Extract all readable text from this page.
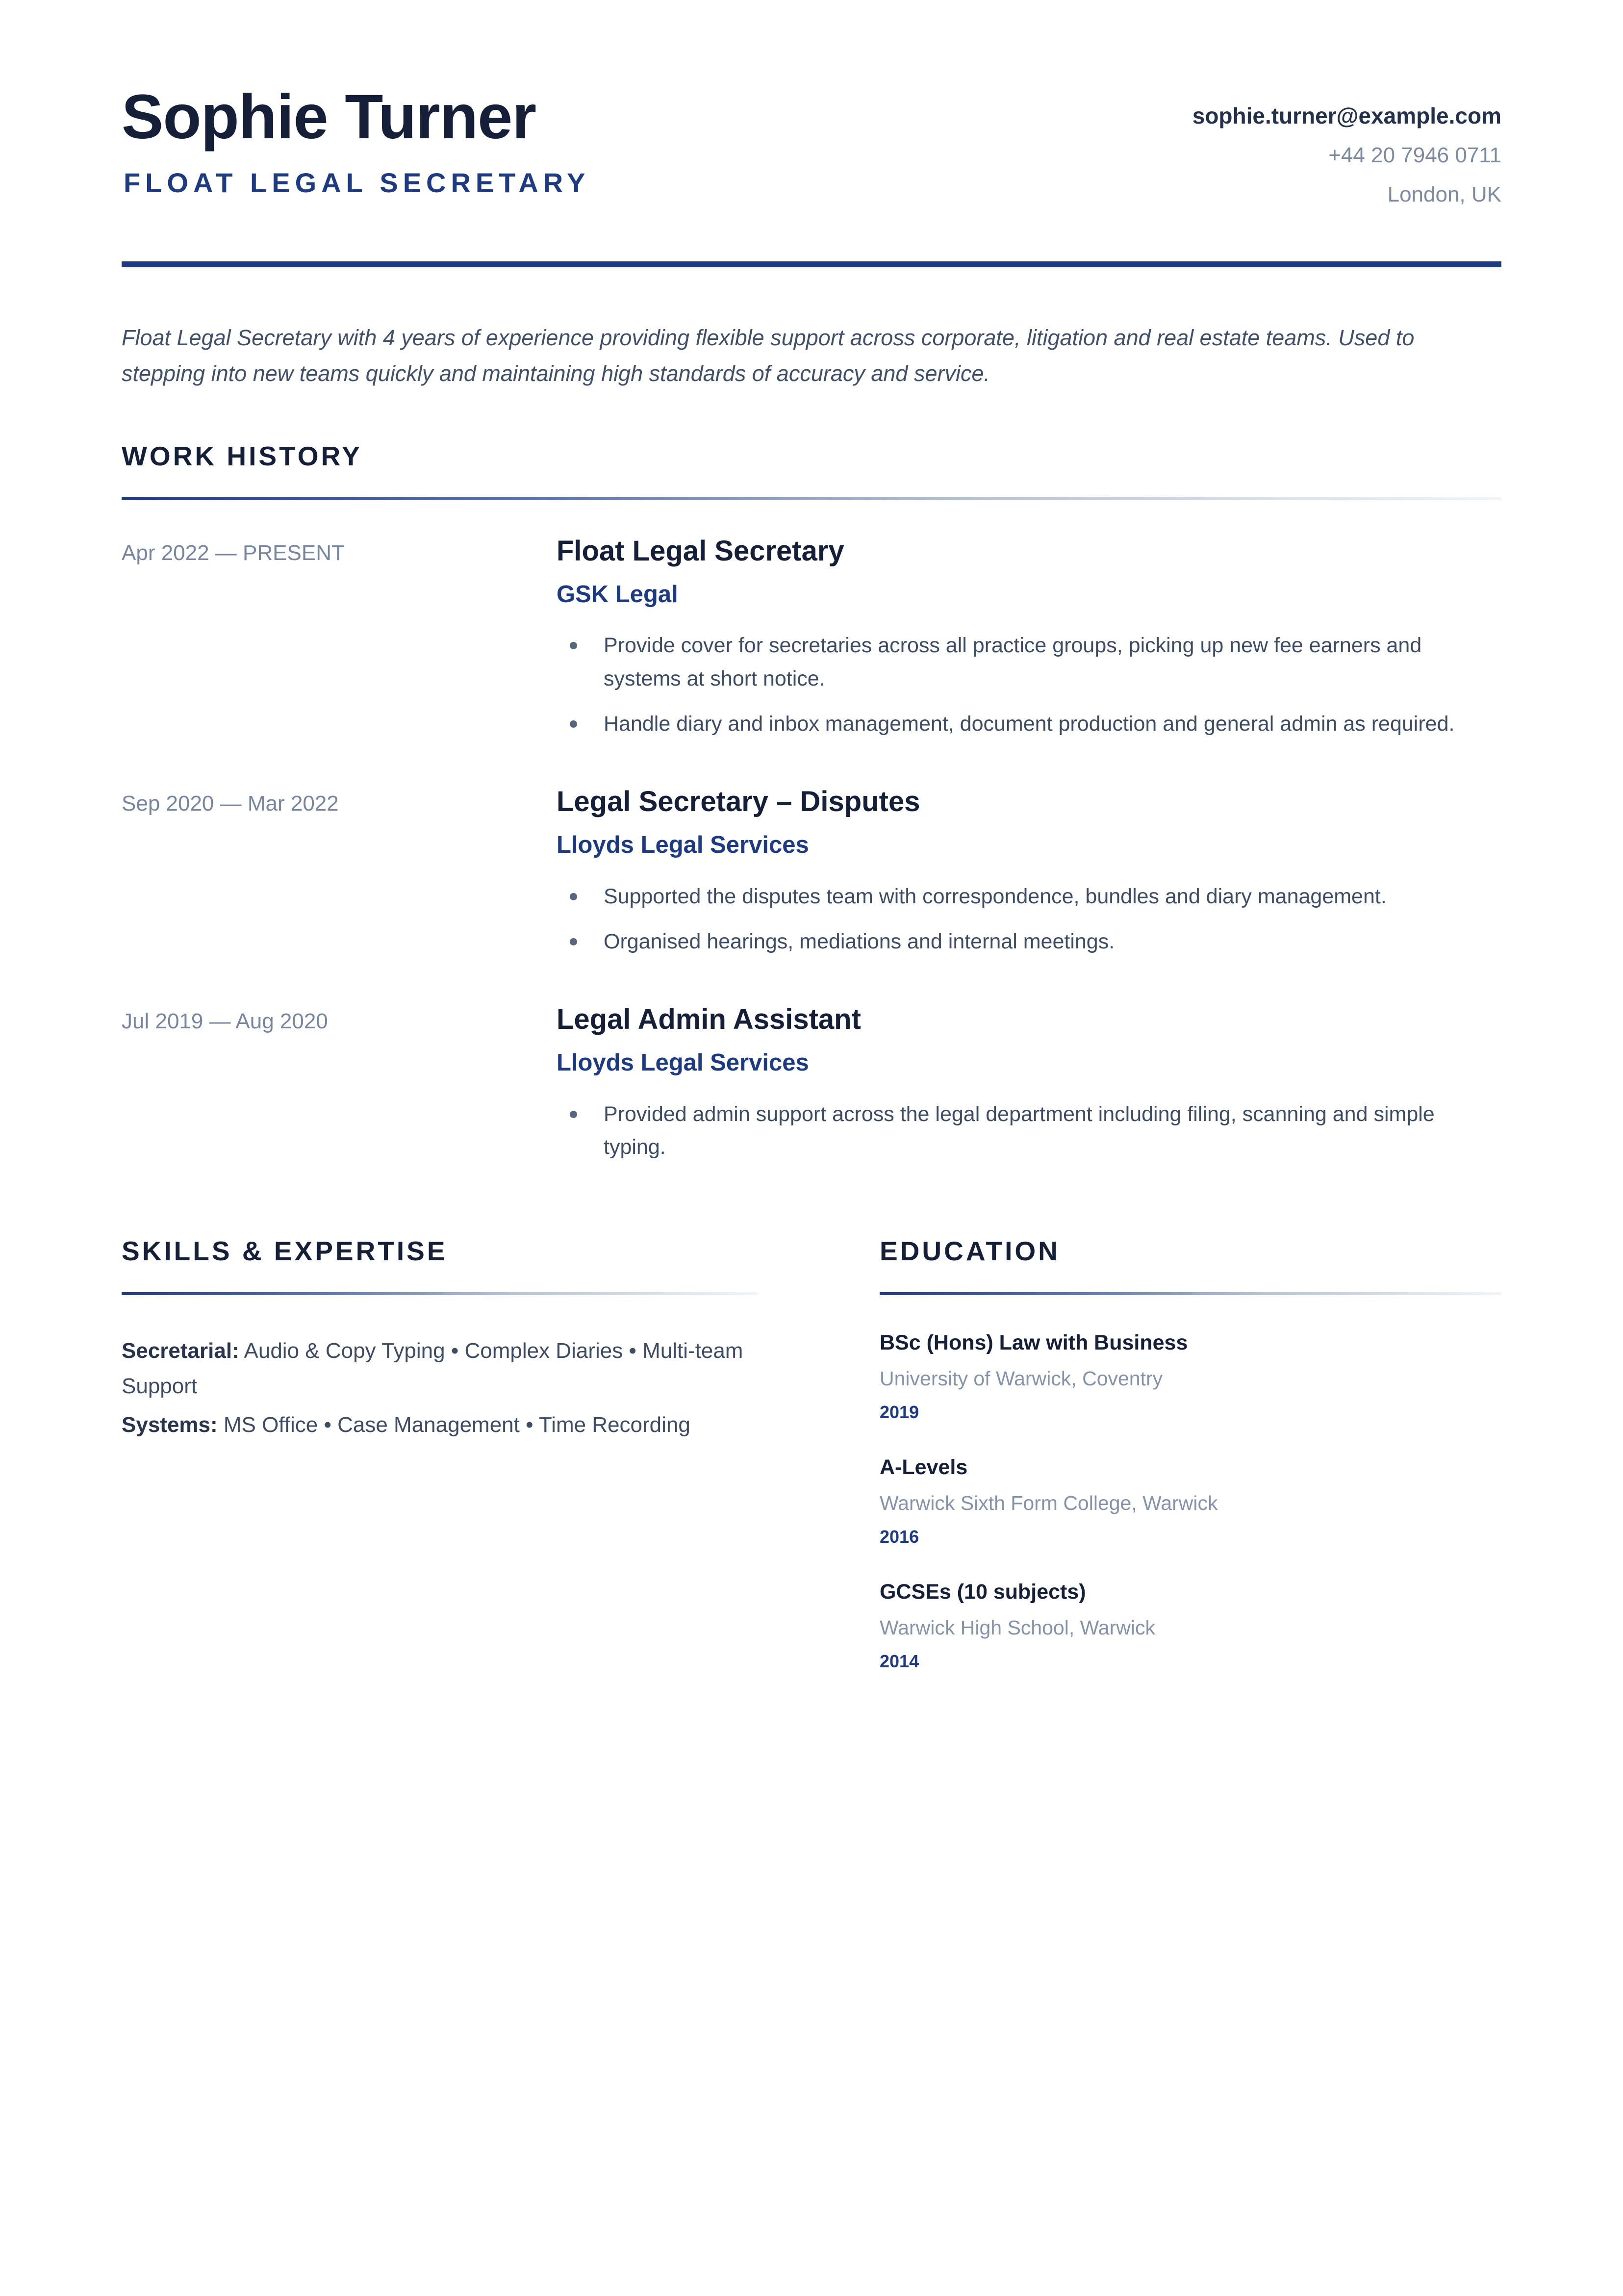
Sophie Turner
FLOAT LEGAL SECRETARY
sophie.turner@example.com
+44 20 7946 0711
London, UK
Float Legal Secretary with 4 years of experience providing flexible support across corporate, litigation and real estate teams. Used to stepping into new teams quickly and maintaining high standards of accuracy and service.
WORK HISTORY
Apr 2022 — PRESENT	Float Legal Secretary
GSK Legal
Provide cover for secretaries across all practice groups, picking up new fee earners and systems at short notice.
Handle diary and inbox management, document production and general admin as required.
Sep 2020 — Mar 2022	Legal Secretary – Disputes
Lloyds Legal Services
Supported the disputes team with correspondence, bundles and diary management.
Organised hearings, mediations and internal meetings.
Jul 2019 — Aug 2020	Legal Admin Assistant
Lloyds Legal Services
Provided admin support across the legal department including filing, scanning and simple typing.
SKILLS & EXPERTISE

Secretarial: Audio & Copy Typing • Complex Diaries • Multi-team Support

Systems: MS Office • Case Management • Time Recording

EDUCATION
BSc (Hons) Law with Business
University of Warwick, Coventry
2019
A-Levels
Warwick Sixth Form College, Warwick
2016
GCSEs (10 subjects)
Warwick High School, Warwick
2014
